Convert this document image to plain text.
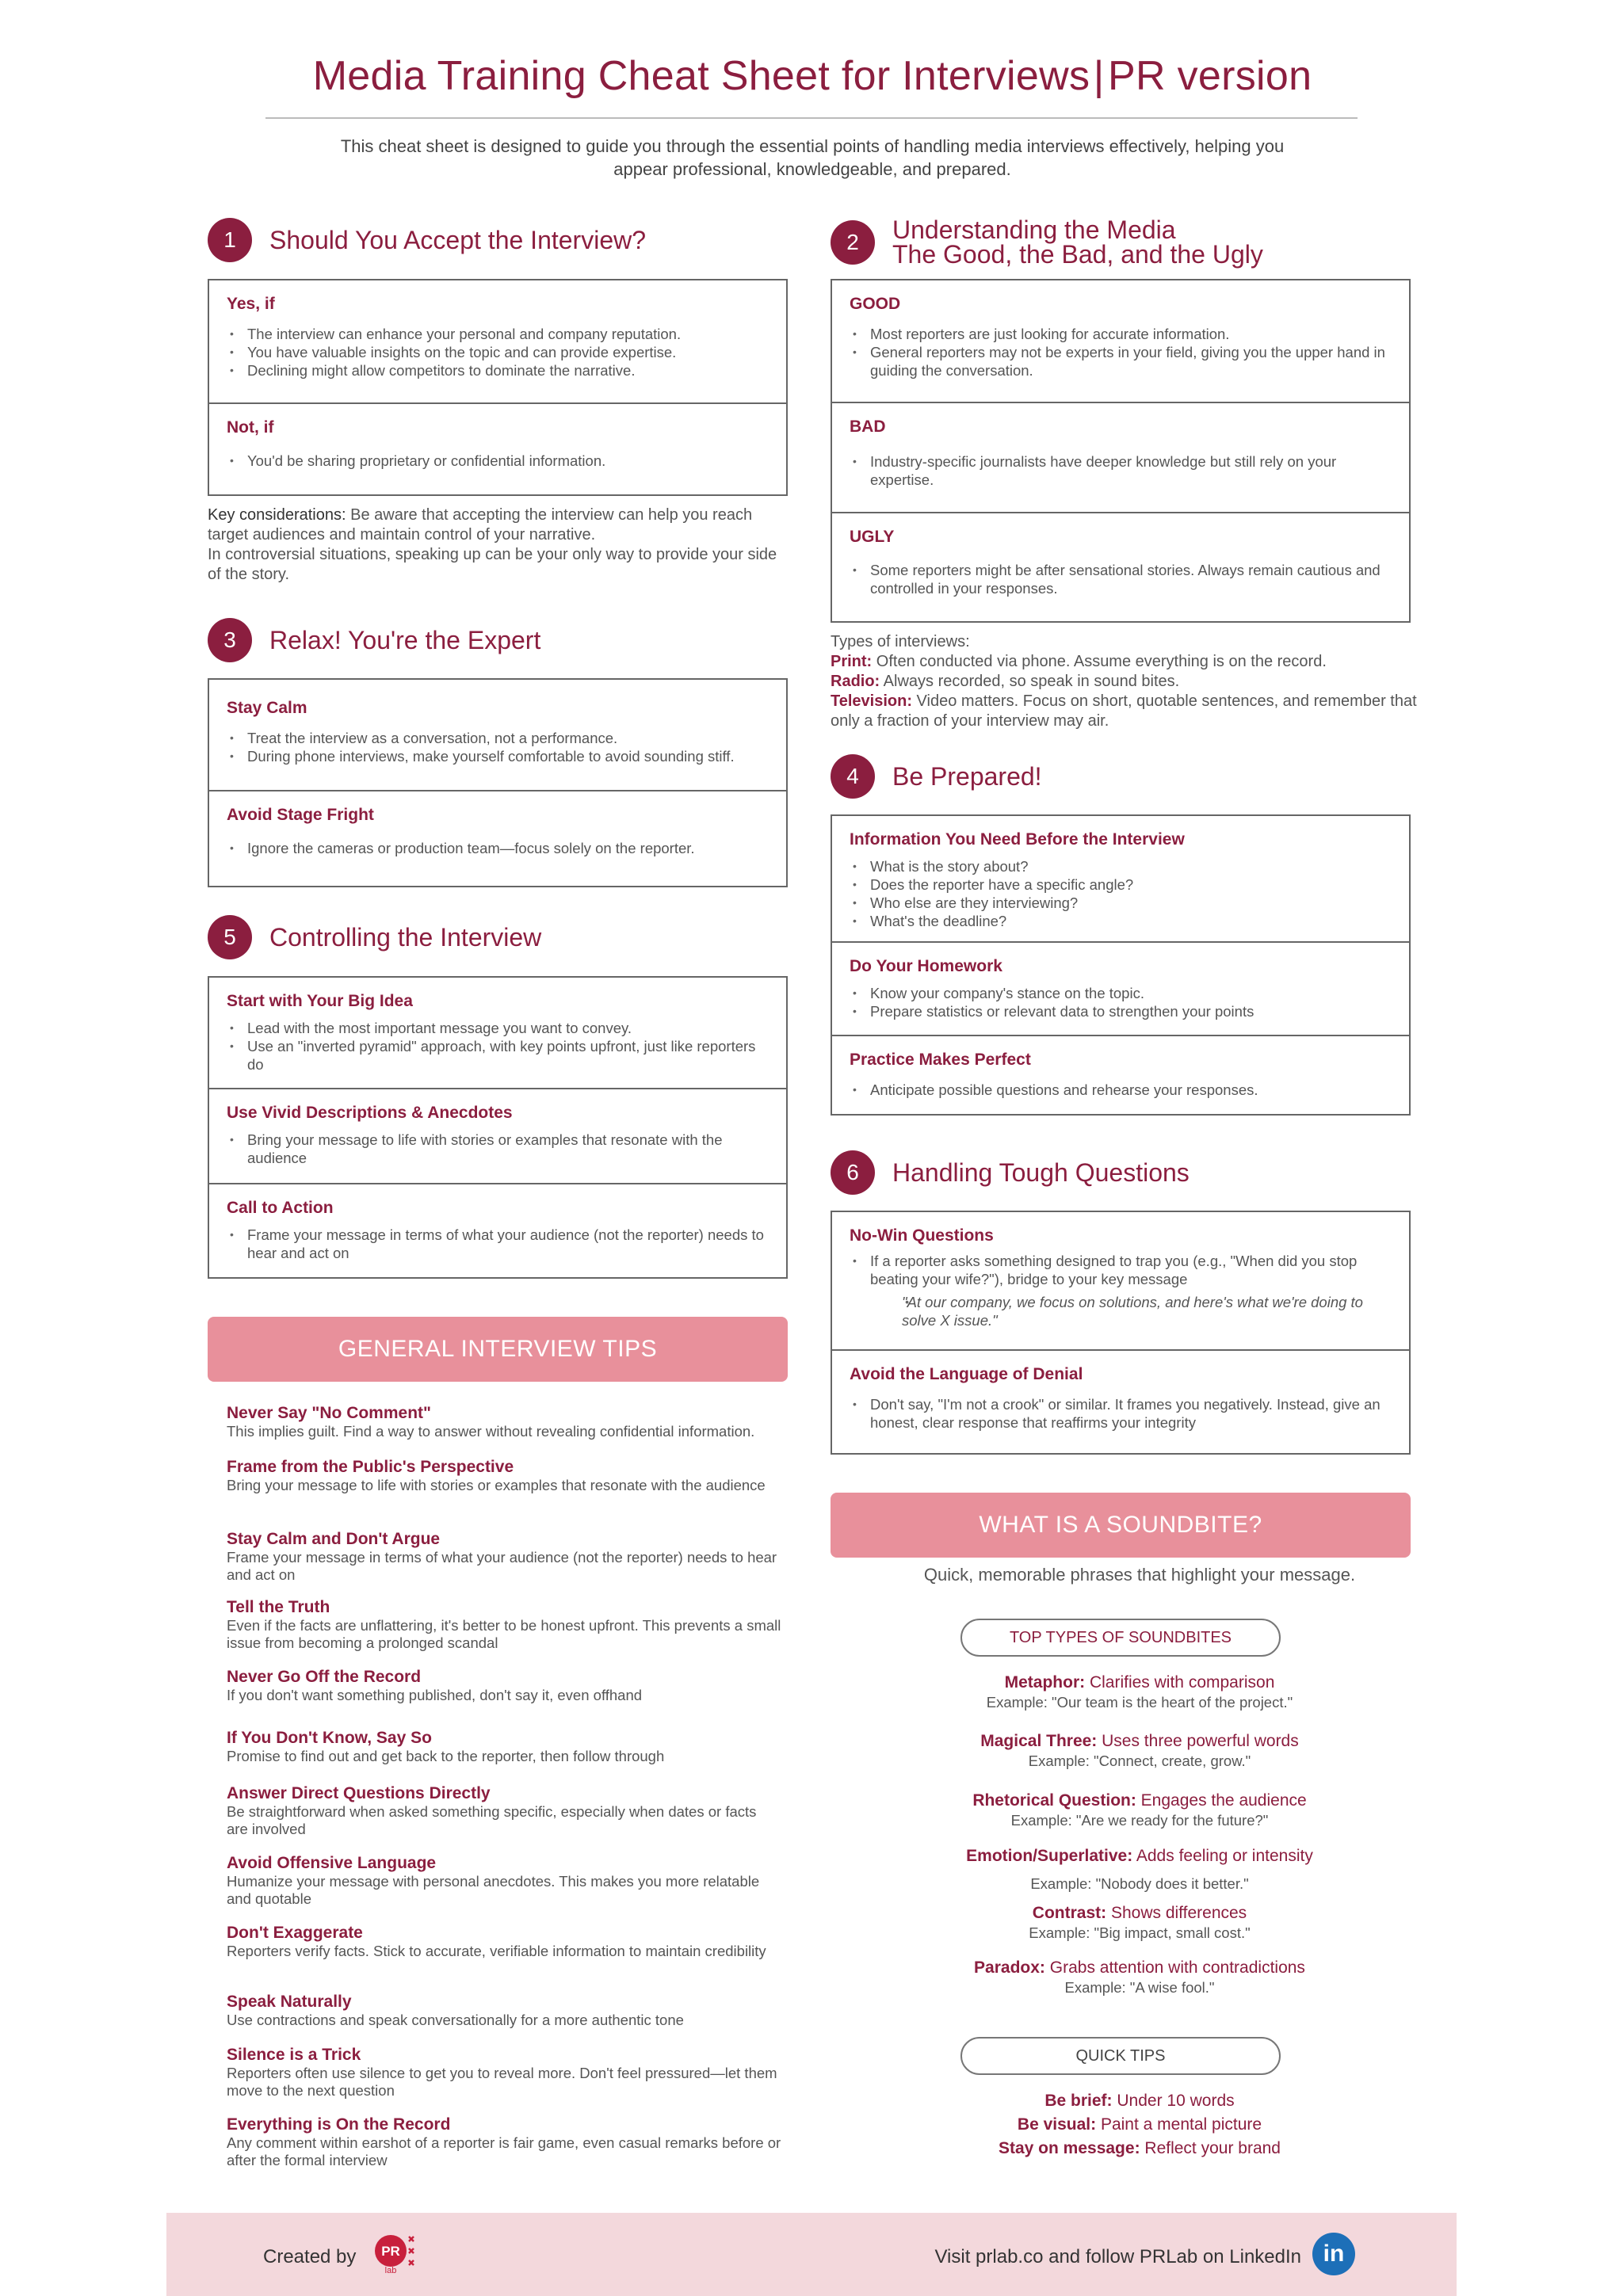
Media Training Cheat Sheet for Interviews | PR version
This cheat sheet is designed to guide you through the essential points of handling media interviews effectively, helping you appear professional, knowledgeable, and prepared.
1	Should You Accept the Interview?
Yes, if
• The interview can enhance your personal and company reputation.
• You have valuable insights on the topic and can provide expertise.
• Declining might allow competitors to dominate the narrative.
Not, if
• You'd be sharing proprietary or confidential information.
Key considerations: Be aware that accepting the interview can help you reach target audiences and maintain control of your narrative.
In controversial situations, speaking up can be your only way to provide your side of the story.
2	Understanding the Media
The Good, the Bad, and the Ugly
GOOD
• Most reporters are just looking for accurate information.
• General reporters may not be experts in your field, giving you the upper hand in guiding the conversation.
BAD
• Industry-specific journalists have deeper knowledge but still rely on your expertise.
UGLY
• Some reporters might be after sensational stories. Always remain cautious and controlled in your responses.
Types of interviews:
Print: Often conducted via phone. Assume everything is on the record.
Radio: Always recorded, so speak in sound bites.
Television: Video matters. Focus on short, quotable sentences, and remember that only a fraction of your interview may air.
3	Relax! You're the Expert
Stay Calm
• Treat the interview as a conversation, not a performance.
• During phone interviews, make yourself comfortable to avoid sounding stiff.
Avoid Stage Fright
• Ignore the cameras or production team—focus solely on the reporter.
4	Be Prepared!
Information You Need Before the Interview
• What is the story about?
• Does the reporter have a specific angle?
• Who else are they interviewing?
• What's the deadline?
Do Your Homework
• Know your company's stance on the topic.
• Prepare statistics or relevant data to strengthen your points
Practice Makes Perfect
• Anticipate possible questions and rehearse your responses.
5	Controlling the Interview
Start with Your Big Idea
• Lead with the most important message you want to convey.
• Use an "inverted pyramid" approach, with key points upfront, just like reporters do
Use Vivid Descriptions & Anecdotes
• Bring your message to life with stories or examples that resonate with the audience
Call to Action
• Frame your message in terms of what your audience (not the reporter) needs to hear and act on
6	Handling Tough Questions
No-Win Questions
• If a reporter asks something designed to trap you (e.g., "When did you stop beating your wife?"), bridge to your key message
• "At our company, we focus on solutions, and here's what we're doing to solve X issue."
Avoid the Language of Denial
• Don't say, "I'm not a crook" or similar. It frames you negatively. Instead, give an honest, clear response that reaffirms your integrity
GENERAL INTERVIEW TIPS
Never Say "No Comment"
This implies guilt. Find a way to answer without revealing confidential information.
Frame from the Public's Perspective
Bring your message to life with stories or examples that resonate with the audience
Stay Calm and Don't Argue
Frame your message in terms of what your audience (not the reporter) needs to hear and act on
Tell the Truth
Even if the facts are unflattering, it's better to be honest upfront. This prevents a small issue from becoming a prolonged scandal
Never Go Off the Record
If you don't want something published, don't say it, even offhand
If You Don't Know, Say So
Promise to find out and get back to the reporter, then follow through
Answer Direct Questions Directly
Be straightforward when asked something specific, especially when dates or facts are involved
Avoid Offensive Language
Humanize your message with personal anecdotes. This makes you more relatable and quotable
Don't Exaggerate
Reporters verify facts. Stick to accurate, verifiable information to maintain credibility
Speak Naturally
Use contractions and speak conversationally for a more authentic tone
Silence is a Trick
Reporters often use silence to get you to reveal more. Don't feel pressured—let them move to the next question
Everything is On the Record
Any comment within earshot of a reporter is fair game, even casual remarks before or after the formal interview
WHAT IS A SOUNDBITE?
Quick, memorable phrases that highlight your message.
TOP TYPES OF SOUNDBITES
Metaphor: Clarifies with comparison
Example: "Our team is the heart of the project."
Magical Three: Uses three powerful words
Example: "Connect, create, grow."
Rhetorical Question: Engages the audience
Example: "Are we ready for the future?"
Emotion/Superlative: Adds feeling or intensity
Example: "Nobody does it better."
Contrast: Shows differences
Example: "Big impact, small cost."
Paradox: Grabs attention with contradictions
Example: "A wise fool."
QUICK TIPS
Be brief: Under 10 words
Be visual: Paint a mental picture
Stay on message: Reflect your brand
Created by PR
lab
Visit prlab.co and follow PRLab on LinkedIn in
